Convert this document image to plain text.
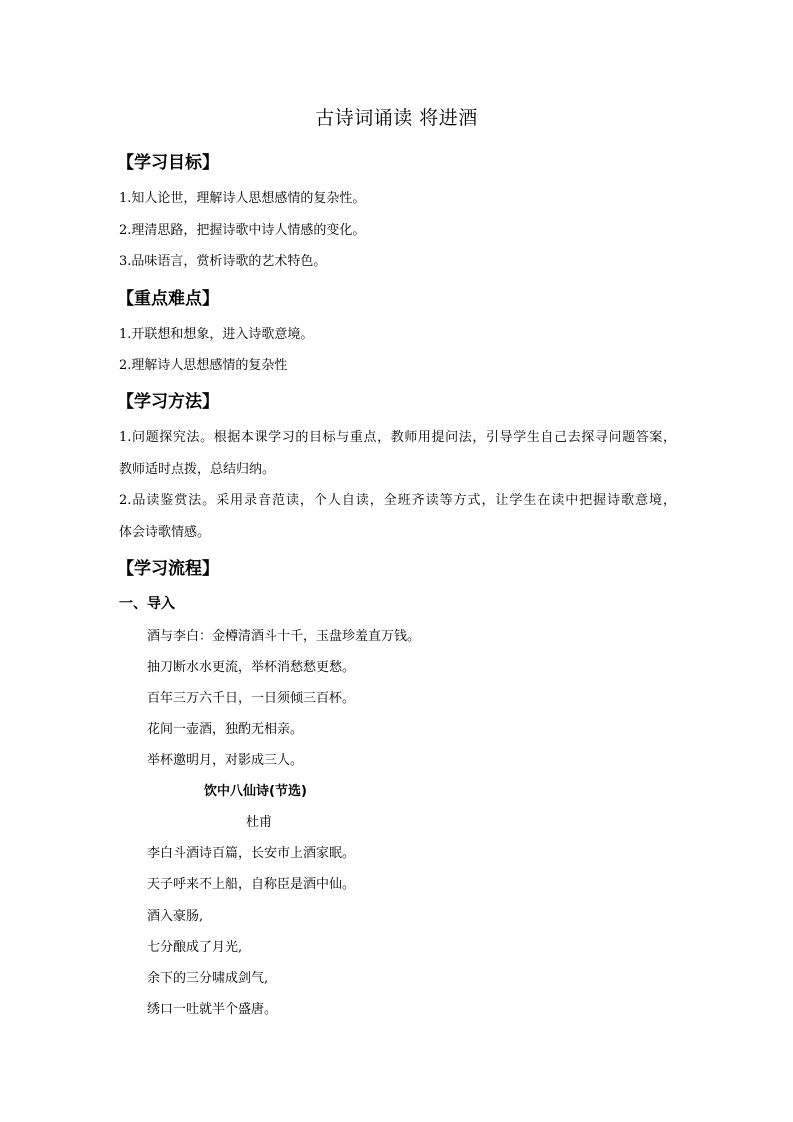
古诗词诵读 将进酒
【学习目标】
1.知人论世，理解诗人思想感情的复杂性。
2.理清思路，把握诗歌中诗人情感的变化。
3.品味语言，赏析诗歌的艺术特色。
【重点难点】
1.开联想和想象，进入诗歌意境。
2.理解诗人思想感情的复杂性
【学习方法】
1.问题探究法。根据本课学习的目标与重点，教师用提问法，引导学生自己去探寻问题答案，
教师适时点拨，总结归纳。
2.品读鉴赏法。采用录音范读，个人自读，全班齐读等方式，让学生在读中把握诗歌意境，
体会诗歌情感。
【学习流程】
一、导入
酒与李白：金樽清酒斗十千，玉盘珍羞直万钱。
抽刀断水水更流，举杯消愁愁更愁。
百年三万六千日，一日须倾三百杯。
花间一壶酒，独酌无相亲。
举杯邀明月，对影成三人。
饮中八仙诗(节选)
杜甫
李白斗酒诗百篇，长安市上酒家眠。
天子呼来不上船，自称臣是酒中仙。
酒入豪肠,
七分酿成了月光,
余下的三分啸成剑气,
绣口一吐就半个盛唐。
